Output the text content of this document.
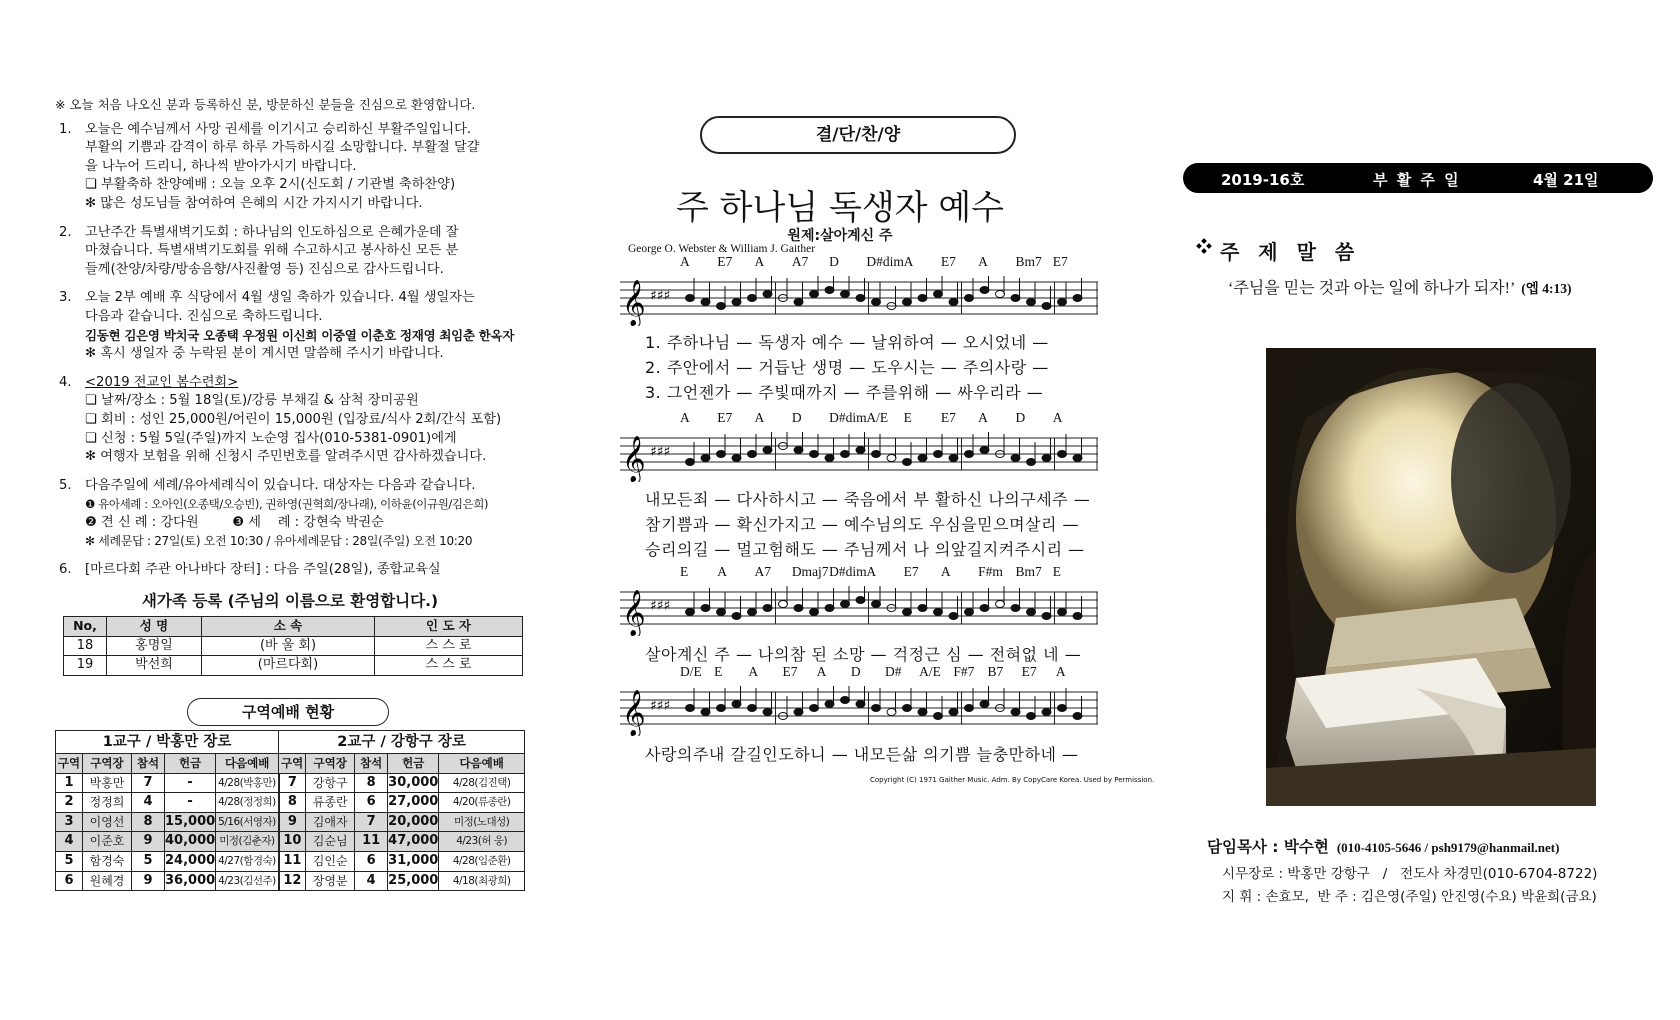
※ 오늘 처음 나오신 분과 등록하신 분, 방문하신 분들을 진심으로 환영합니다.
1.	오늘은 예수님께서 사망 권세를 이기시고 승리하신 부활주일입니다.
부활의 기쁨과 감격이 하루 하루 가득하시길 소망합니다. 부활절 달걀
을 나누어 드리니, 하나씩 받아가시기 바랍니다.
❏ 부활축하 찬양예배 : 오늘 오후 2시(신도회 / 기관별 축하찬양)
✻ 많은 성도님들 참여하여 은혜의 시간 가지시기 바랍니다.
2.	고난주간 특별새벽기도회 : 하나님의 인도하심으로 은혜가운데 잘
마쳤습니다. 특별새벽기도회를 위해 수고하시고 봉사하신 모든 분
들께(찬양/차량/방송음향/사진촬영 등) 진심으로 감사드립니다.
3.	오늘 2부 예배 후 식당에서 4월 생일 축하가 있습니다. 4월 생일자는
다음과 같습니다. 진심으로 축하드립니다.
김동현 김은영 박치국 오종택 우정원 이신희 이중열 이춘호 정재영 최임춘 한옥자
✻ 혹시 생일자 중 누락된 분이 계시면 말씀해 주시기 바랍니다.
4.	<2019 전교인 봄수련회>
❏ 날짜/장소 : 5월 18일(토)/강릉 부채길 & 삼척 장미공원
❏ 회비 : 성인 25,000원/어린이 15,000원 (입장료/식사 2회/간식 포함)
❏ 신청 : 5월 5일(주일)까지 노순영 집사(010-5381-0901)에게
✻ 여행자 보험을 위해 신청시 주민번호를 알려주시면 감사하겠습니다.
5.	다음주일에 세례/유아세례식이 있습니다. 대상자는 다음과 같습니다.
❶ 유아세례 : 오아인(오종택/오승빈), 권하영(권혁희/장나래), 이하윤(이규원/김은희)
❷ 견 신 례 : 강다원        ❸ 세    례 : 강현숙 박권순
✻ 세례문답 : 27일(토) 오전 10:30 / 유아세례문답 : 28일(주일) 오전 10:20
6.	[마르다회 주관 아나바다 장터] : 다음 주일(28일), 종합교육실
새가족 등록 (주님의 이름으로 환영합니다.)
No,	성 명	소 속	인 도 자
18	홍명일	(바 울 회)	스 스 로
19	박선희	(마르다회)	스 스 로
구역예배 현황
1교구 / 박홍만 장로					2교구 / 강항구 장로				
구역	구역장	참석	헌금	다음예배	구역	구역장	참석	헌금	다음예배
1	박홍만	7	-	4/28(박홍만)	7	강항구	8	30,000	4/28(김진택)
2	정정희	4	-	4/28(정정희)	8	류종란	6	27,000	4/20(류종란)
3	이영선	8	15,000	5/16(서영자)	9	김애자	7	20,000	미정(노대성)
4	이준호	9	40,000	미정(김춘자)	10	김순님	11	47,000	4/23(허 웅)
5	함경숙	5	24,000	4/27(함경숙)	11	김인순	6	31,000	4/28(임준환)
6	원혜경	9	36,000	4/23(김선주)	12	장영분	4	25,000	4/18(최광희)
결/단/찬/양
주 하나님 독생자 예수
원제:살아계신 주
George O. Webster & William J. Gaither
A E7 A A7 D D#dim A E7 A Bm7 E7
𝄞 ♯♯♯
1. 주하나님 — 독생자 예수 — 날위하여 — 오시었네 —
2. 주안에서 — 거듭난 생명 — 도우시는 — 주의사랑 —
3. 그언젠가 — 주빛때까지 — 주를위해 — 싸우리라 —
A E7 A D D#dim A/E E E7 A D A
𝄞 ♯♯♯
내모든죄 — 다사하시고 — 죽음에서 부 활하신 나의구세주 —
참기쁨과 — 확신가지고 — 예수님의도 우심을믿으며살리 —
승리의길 — 멀고험해도 — 주님께서 나 의앞길지켜주시리 —
E A A7 Dmaj7 D#dim A E7 A F#m Bm7 E
𝄞 ♯♯♯
살아계신 주 — 나의참 된 소망 — 걱정근 심 — 전혀없 네 —
D/E E A E7 A D D# A/E F#7 B7 E7 A
𝄞 ♯♯♯
사랑의주내 갈길인도하니 — 내모든삶 의기쁨 늘충만하네 —
Copyright (C) 1971 Gaither Music. Adm. By CopyCare Korea. Used by Permission.
2019-16호	부 활 주 일	4월 21일
주 제 말 씀
‘주님을 믿는 것과 아는 일에 하나가 되자!’ (엡 4:13)
담임목사 : 박수현 (010-4105-5646 / psh9179@hanmail.net)
시무장로 : 박홍만 강항구   /   전도사 차경민(010-6704-8722)
지 휘 : 손효모,  반 주 : 김은영(주일) 안진영(수요) 박윤희(금요)
